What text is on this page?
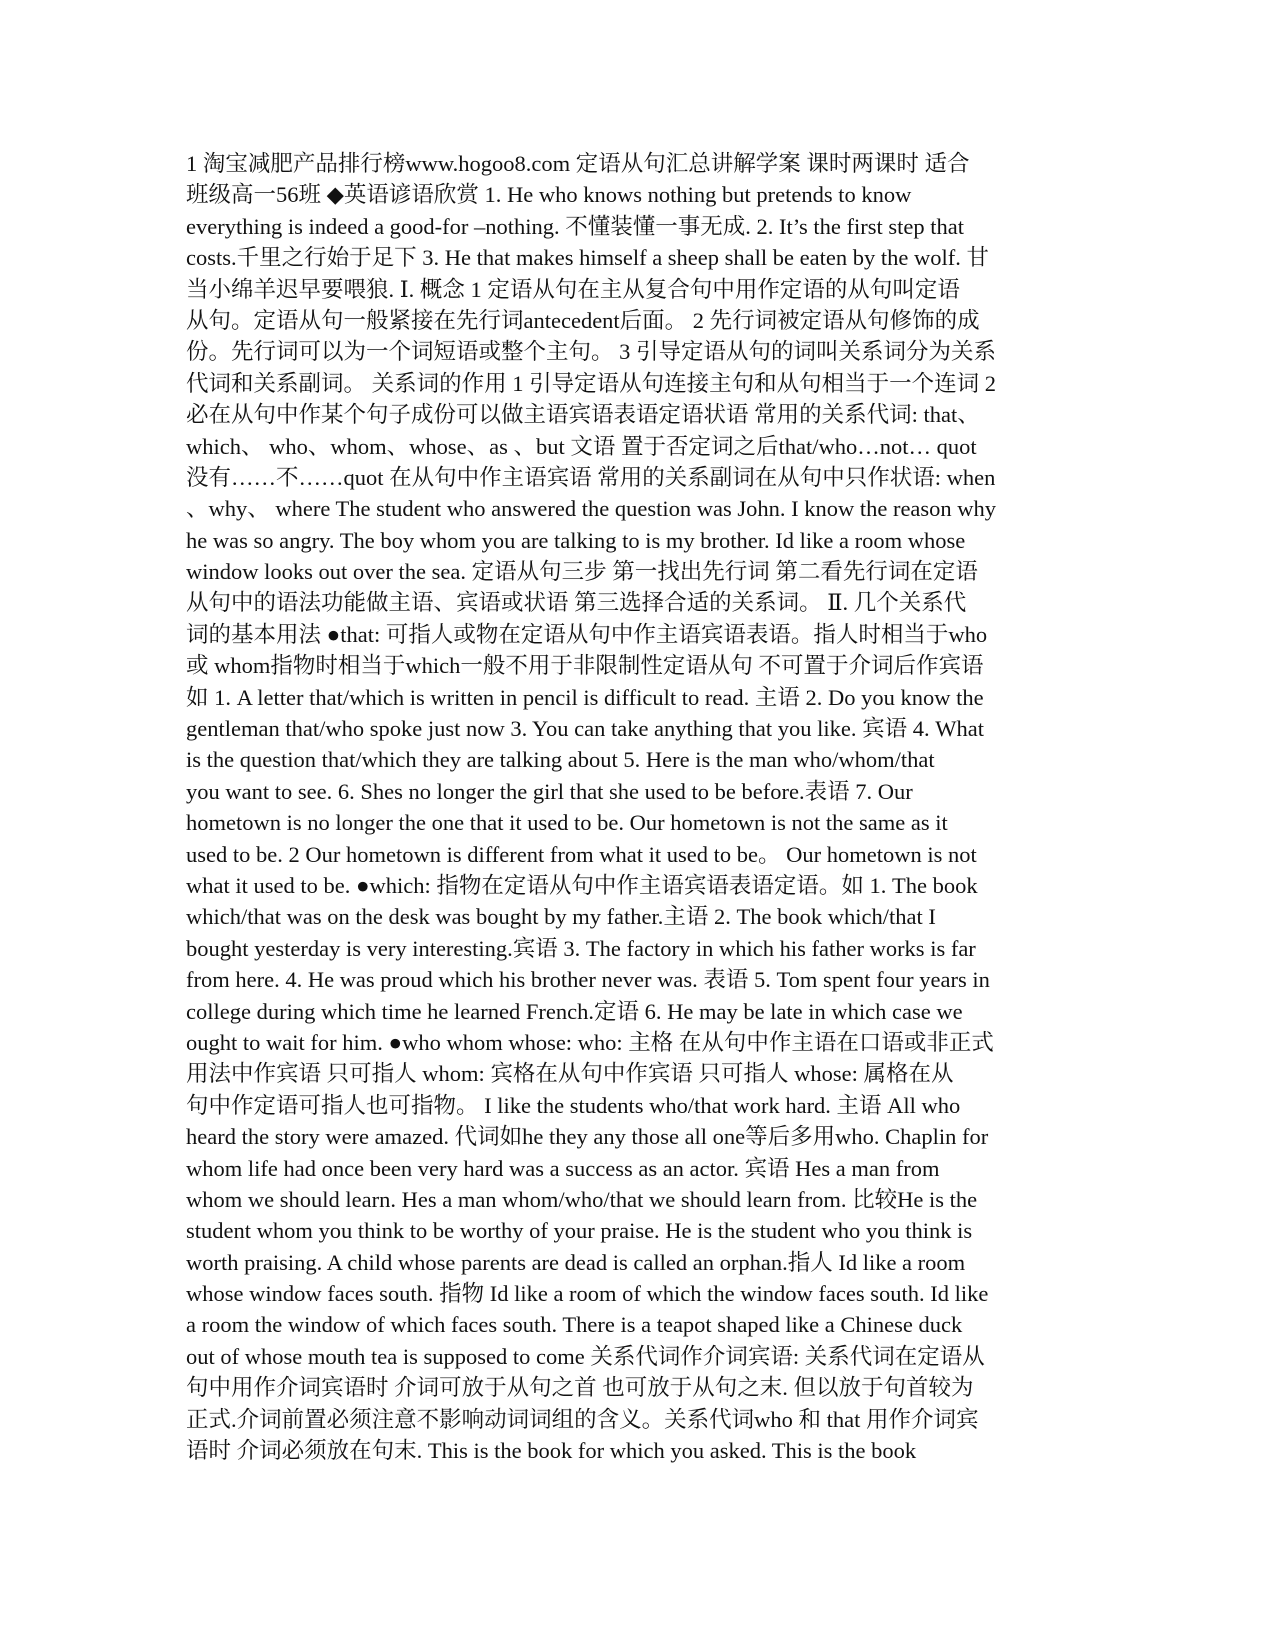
1 淘宝减肥产品排行榜www.hogoo8.com 定语从句汇总讲解学案 课时两课时 适合
班级高一56班 ◆英语谚语欣赏 1. He who knows nothing but pretends to know
everything is indeed a good-for –nothing. 不懂装懂一事无成. 2. It’s the first step that
costs.千里之行始于足下 3. He that makes himself a sheep shall be eaten by the wolf. 甘
当小绵羊迟早要喂狼. Ⅰ. 概念 1 定语从句在主从复合句中用作定语的从句叫定语
从句。定语从句一般紧接在先行词antecedent后面。 2 先行词被定语从句修饰的成
份。先行词可以为一个词短语或整个主句。 3 引导定语从句的词叫关系词分为关系
代词和关系副词。 关系词的作用 1 引导定语从句连接主句和从句相当于一个连词 2
必在从句中作某个句子成份可以做主语宾语表语定语状语 常用的关系代词: that、
which、 who、whom、whose、as 、but 文语 置于否定词之后that/who…not… quot
没有……不……quot 在从句中作主语宾语 常用的关系副词在从句中只作状语: when
、why、 where The student who answered the question was John. I know the reason why
he was so angry. The boy whom you are talking to is my brother. Id like a room whose
window looks out over the sea. 定语从句三步 第一找出先行词 第二看先行词在定语
从句中的语法功能做主语、宾语或状语 第三选择合适的关系词。 Ⅱ. 几个关系代
词的基本用法 ●that: 可指人或物在定语从句中作主语宾语表语。指人时相当于who
或 whom指物时相当于which一般不用于非限制性定语从句 不可置于介词后作宾语
如 1. A letter that/which is written in pencil is difficult to read. 主语 2. Do you know the
gentleman that/who spoke just now 3. You can take anything that you like. 宾语 4. What
is the question that/which they are talking about 5. Here is the man who/whom/that
you want to see. 6. Shes no longer the girl that she used to be before.表语 7. Our
hometown is no longer the one that it used to be. Our hometown is not the same as it
used to be. 2 Our hometown is different from what it used to be。 Our hometown is not
what it used to be. ●which: 指物在定语从句中作主语宾语表语定语。如 1. The book
which/that was on the desk was bought by my father.主语 2. The book which/that I
bought yesterday is very interesting.宾语 3. The factory in which his father works is far
from here. 4. He was proud which his brother never was. 表语 5. Tom spent four years in
college during which time he learned French.定语 6. He may be late in which case we
ought to wait for him. ●who whom whose: who: 主格 在从句中作主语在口语或非正式
用法中作宾语 只可指人 whom: 宾格在从句中作宾语 只可指人 whose: 属格在从
句中作定语可指人也可指物。 I like the students who/that work hard. 主语 All who
heard the story were amazed. 代词如he they any those all one等后多用who. Chaplin for
whom life had once been very hard was a success as an actor. 宾语 Hes a man from
whom we should learn. Hes a man whom/who/that we should learn from. 比较He is the
student whom you think to be worthy of your praise. He is the student who you think is
worth praising. A child whose parents are dead is called an orphan.指人 Id like a room
whose window faces south. 指物 Id like a room of which the window faces south. Id like
a room the window of which faces south. There is a teapot shaped like a Chinese duck
out of whose mouth tea is supposed to come 关系代词作介词宾语: 关系代词在定语从
句中用作介词宾语时 介词可放于从句之首 也可放于从句之末. 但以放于句首较为
正式.介词前置必须注意不影响动词词组的含义。关系代词who 和 that 用作介词宾
语时 介词必须放在句末. This is the book for which you asked. This is the book
